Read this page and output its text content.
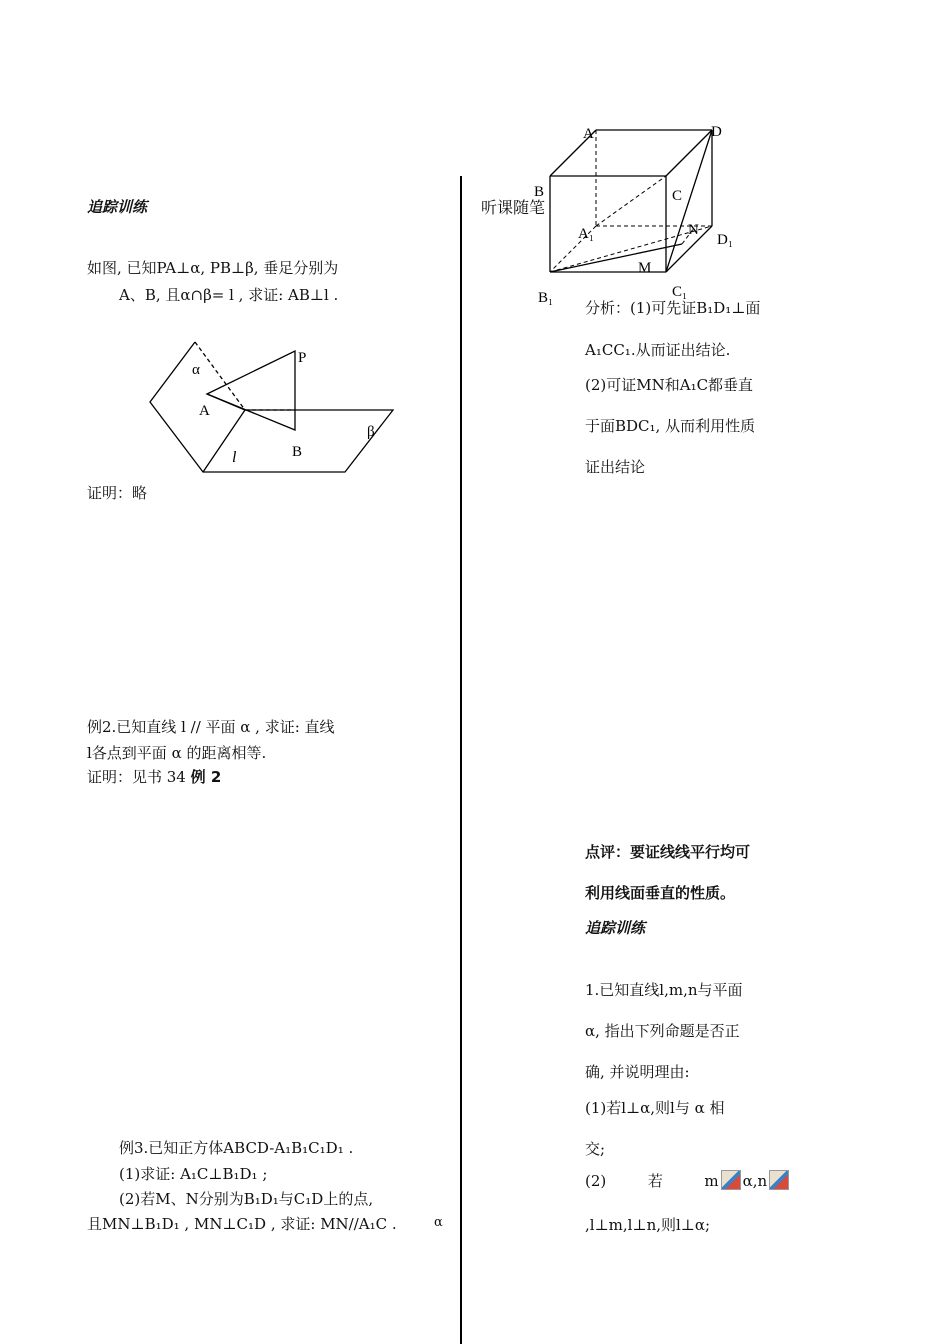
追踪训练
如图, 已知PA⊥α, PB⊥β, 垂足分别为
A、B, 且α∩β= l , 求证: AB⊥l .
α
P
A
β
l	B
证明：略
例2.已知直线 l // 平面 α , 求证: 直线
l各点到平面 α 的距离相等.
证明：见书 34 例 2
例3.已知正方体ABCD-A₁B₁C₁D₁ .
(1)求证: A₁C⊥B₁D₁ ;
(2)若M、N分别为B₁D₁与C₁D上的点,
且MN⊥B₁D₁ , MN⊥C₁D , 求证: MN//A₁C .	α
听课随笔
A	D
B	C
A₁	N
D₁
M
C₁
B₁
分析：(1)可先证B₁D₁⊥面
A₁CC₁.从而证出结论.
(2)可证MN和A₁C都垂直
于面BDC₁, 从而利用性质
证出结论
点评：要证线线平行均可
利用线面垂直的性质。
追踪训练
1.已知直线l,m,n与平面
α, 指出下列命题是否正
确, 并说明理由:
(1)若l⊥α,则l与 α 相
交;
(2)	若	m α,n
,l⊥m,l⊥n,则l⊥α;
